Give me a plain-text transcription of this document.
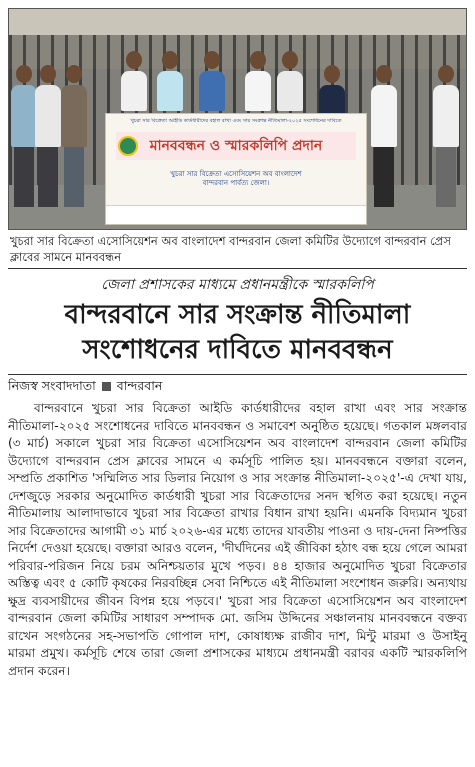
খুচরা সার বিক্রেতা আইডি কার্ডধারীদের বহাল রাখা এবং সার সংক্রান্ত নীতিমালা-২০২৫ সংশোধনের দাবিতে
মানববন্ধন ও স্মারকলিপি প্রদান
খুচরা সার বিক্রেতা এসোসিয়েশন অব বাংলাদেশ
বান্দরবান পার্বত্য জেলা।
খুচরা সার বিক্রেতা এসোসিয়েশন অব বাংলাদেশ বান্দরবান জেলা কমিটির উদ্যোগে বান্দরবান প্রেস ক্লাবের সামনে মানববন্ধন
জেলা প্রশাসকের মাধ্যমে প্রধানমন্ত্রীকে স্মারকলিপি
বান্দরবানে সার সংক্রান্ত নীতিমালা সংশোধনের দাবিতে মানববন্ধন
নিজস্ব সংবাদদাতা বান্দরবান
বান্দরবানে খুচরা সার বিক্রেতা আইডি কার্ডধারীদের বহাল রাখা এবং সার সংক্রান্ত নীতিমালা-২০২৫ সংশোধনের দাবিতে মানববন্ধন ও সমাবেশ অনুষ্ঠিত হয়েছে। গতকাল মঙ্গলবার (৩ মার্চ) সকালে খুচরা সার বিক্রেতা এসোসিয়েশন অব বাংলাদেশ বান্দরবান জেলা কমিটির উদ্যোগে বান্দরবান প্রেস ক্লাবের সামনে এ কর্মসূচি পালিত হয়। মানববন্ধনে বক্তারা বলেন, সম্প্রতি প্রকাশিত 'সম্মিলিত সার ডিলার নিয়োগ ও সার সংক্রান্ত নীতিমালা-২০২৫'-এ দেখা যায়, দেশজুড়ে সরকার অনুমোদিত কার্ডধারী খুচরা সার বিক্রেতাদের সনদ স্থগিত করা হয়েছে। নতুন নীতিমালায় আলাদাভাবে খুচরা সার বিক্রেতা রাখার বিধান রাখা হয়নি। এমনকি বিদ্যমান খুচরা সার বিক্রেতাদের আগামী ৩১ মার্চ ২০২৬-এর মধ্যে তাদের যাবতীয় পাওনা ও দায়-দেনা নিষ্পত্তির নির্দেশ দেওয়া হয়েছে। বক্তারা আরও বলেন, 'দীর্ঘদিনের এই জীবিকা হঠাৎ বন্ধ হয়ে গেলে আমরা পরিবার-পরিজন নিয়ে চরম অনিশ্চয়তার মুখে পড়ব। ৪৪ হাজার অনুমোদিত খুচরা বিক্রেতার অস্তিত্ব এবং ৫ কোটি কৃষকের নিরবচ্ছিন্ন সেবা নিশ্চিতে এই নীতিমালা সংশোধন জরুরি। অন্যথায় ক্ষুদ্র ব্যবসায়ীদের জীবন বিপন্ন হয়ে পড়বে।' খুচরা সার বিক্রেতা এসোসিয়েশন অব বাংলাদেশ বান্দরবান জেলা কমিটির সাধারণ সম্পাদক মো. জসিম উদ্দিনের সঞ্চালনায় মানববন্ধনে বক্তব্য রাখেন সংগঠনের সহ-সভাপতি গোপাল দাশ, কোষাধ্যক্ষ রাজীব দাশ, মিন্টু মারমা ও উসাইনু মারমা প্রমুখ। কর্মসূচি শেষে তারা জেলা প্রশাসকের মাধ্যমে প্রধানমন্ত্রী বরাবর একটি স্মারকলিপি প্রদান করেন।
